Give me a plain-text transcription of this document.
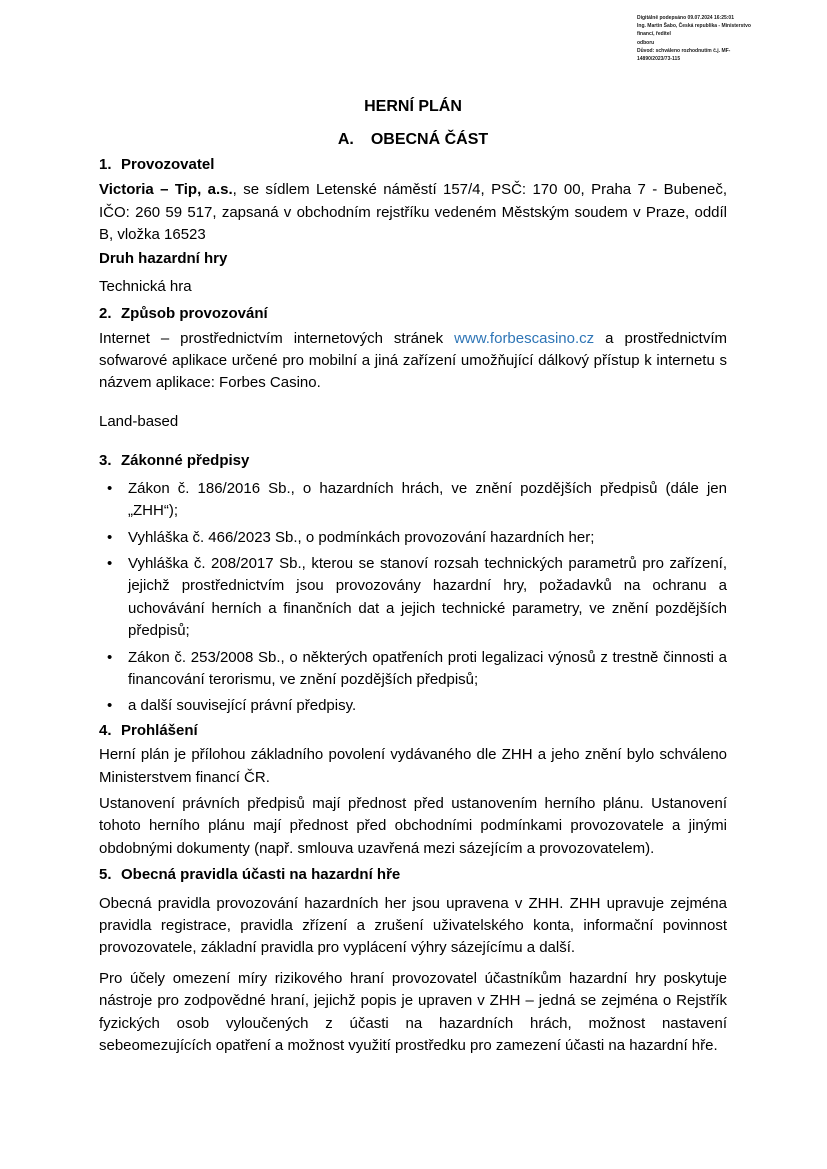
Digitálně podepsáno 09.07.2024 16:25:01
Ing. Martin Šabo, Česká republika - Ministerstvo financí, ředitel
odboru
Důvod: schváleno rozhodnutím č.j. MF-14890/2023/73-115
HERNÍ PLÁN
A. OBECNÁ ČÁST
1. Provozovatel

Victoria – Tip, a.s., se sídlem Letenské náměstí 157/4, PSČ: 170 00, Praha 7 - Bubeneč, IČO: 260 59 517, zapsaná v obchodním rejstříku vedeném Městským soudem v Praze, oddíl B, vložka 16523

Druh hazardní hry

Technická hra

2. Způsob provozování

Internet – prostřednictvím internetových stránek www.forbescasino.cz a prostřednictvím sofwarové aplikace určené pro mobilní a jiná zařízení umožňující dálkový přístup k internetu s názvem aplikace: Forbes Casino.

Land-based

3. Zákonné předpisy
• Zákon č. 186/2016 Sb., o hazardních hrách, ve znění pozdějších předpisů (dále jen „ZHH“);
• Vyhláška č. 466/2023 Sb., o podmínkách provozování hazardních her;
• Vyhláška č. 208/2017 Sb., kterou se stanoví rozsah technických parametrů pro zařízení, jejichž prostřednictvím jsou provozovány hazardní hry, požadavků na ochranu a uchovávání herních a finančních dat a jejich technické parametry, ve znění pozdějších předpisů;
• Zákon č. 253/2008 Sb., o některých opatřeních proti legalizaci výnosů z trestně činnosti a financování terorismu, ve znění pozdějších předpisů;
• a další související právní předpisy.
4. Prohlášení

Herní plán je přílohou základního povolení vydávaného dle ZHH a jeho znění bylo schváleno Ministerstvem financí ČR.

Ustanovení právních předpisů mají přednost před ustanovením herního plánu. Ustanovení tohoto herního plánu mají přednost před obchodními podmínkami provozovatele a jinými obdobnými dokumenty (např. smlouva uzavřená mezi sázejícím a provozovatelem).

5. Obecná pravidla účasti na hazardní hře

Obecná pravidla provozování hazardních her jsou upravena v ZHH. ZHH upravuje zejména pravidla registrace, pravidla zřízení a zrušení uživatelského konta, informační povinnost provozovatele, základní pravidla pro vyplácení výhry sázejícímu a další.

Pro účely omezení míry rizikového hraní provozovatel účastníkům hazardní hry poskytuje nástroje pro zodpovědné hraní, jejichž popis je upraven v ZHH – jedná se zejména o Rejstřík fyzických osob vyloučených z účasti na hazardních hrách, možnost nastavení sebeomezujících opatření a možnost využití prostředku pro zamezení účasti na hazardní hře.
